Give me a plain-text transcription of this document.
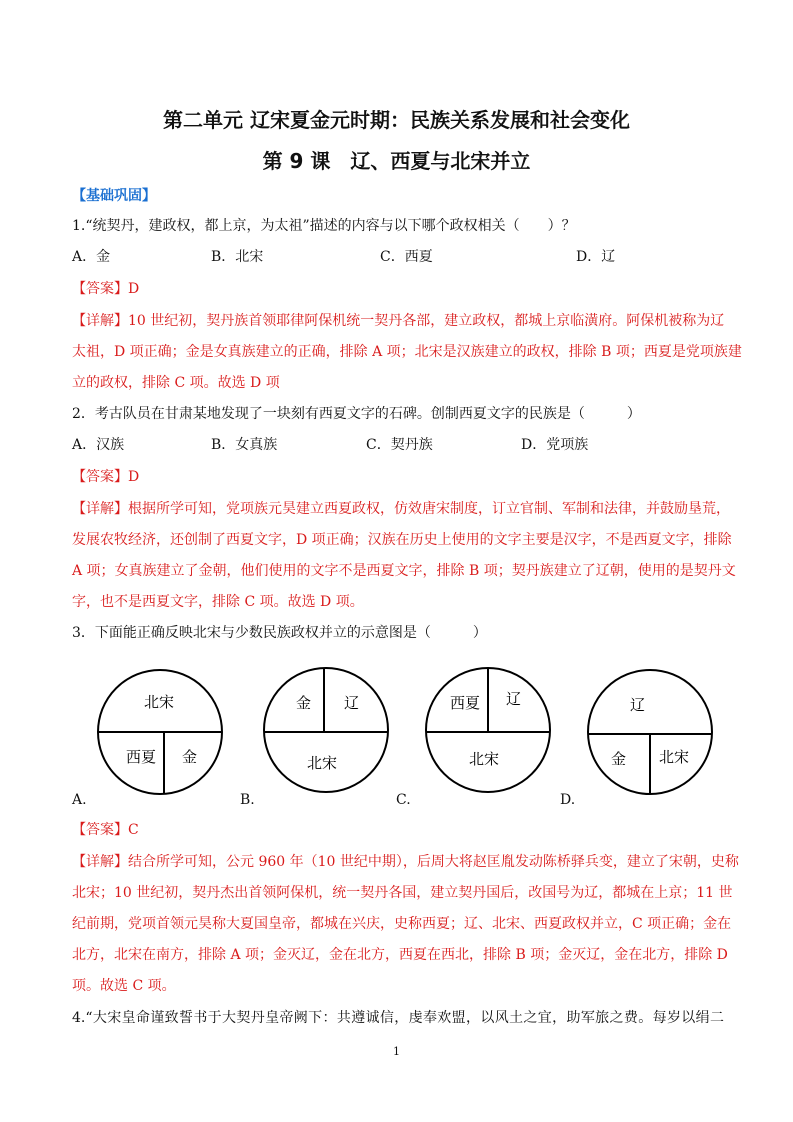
第二单元 辽宋夏金元时期：民族关系发展和社会变化
第 9 课　辽、西夏与北宋并立
【基础巩固】
1.“统契丹，建政权，都上京，为太祖”描述的内容与以下哪个政权相关（　　）？
A．金	B．北宋	C．西夏	D．辽
【答案】D
【详解】10 世纪初，契丹族首领耶律阿保机统一契丹各部，建立政权，都城上京临潢府。阿保机被称为辽
太祖，D 项正确；金是女真族建立的正确，排除 A 项；北宋是汉族建立的政权，排除 B 项；西夏是党项族建
立的政权，排除 C 项。故选 D 项
2．考古队员在甘肃某地发现了一块刻有西夏文字的石碑。创制西夏文字的民族是（　　　）
A．汉族	B．女真族	C．契丹族	D．党项族
【答案】D
【详解】根据所学可知，党项族元昊建立西夏政权，仿效唐宋制度，订立官制、军制和法律，并鼓励垦荒，
发展农牧经济，还创制了西夏文字，D 项正确；汉族在历史上使用的文字主要是汉字，不是西夏文字，排除
A 项；女真族建立了金朝，他们使用的文字不是西夏文字，排除 B 项；契丹族建立了辽朝，使用的是契丹文
字，也不是西夏文字，排除 C 项。故选 D 项。
3．下面能正确反映北宋与少数民族政权并立的示意图是（　　　）
北宋
西夏 金
A.
金 辽
北宋
B.
西夏 辽
北宋
C.
辽
金 北宋
D.
【答案】C
【详解】结合所学可知，公元 960 年（10 世纪中期），后周大将赵匡胤发动陈桥驿兵变，建立了宋朝，史称
北宋；10 世纪初，契丹杰出首领阿保机，统一契丹各国，建立契丹国后，改国号为辽，都城在上京；11 世
纪前期，党项首领元昊称大夏国皇帝，都城在兴庆，史称西夏；辽、北宋、西夏政权并立，C 项正确；金在
北方，北宋在南方，排除 A 项；金灭辽，金在北方，西夏在西北，排除 B 项；金灭辽，金在北方，排除 D
项。故选 C 项。
4.“大宋皇命谨致誓书于大契丹皇帝阙下：共遵诚信，虔奉欢盟，以风土之宜，助军旅之费。每岁以绢二
1
